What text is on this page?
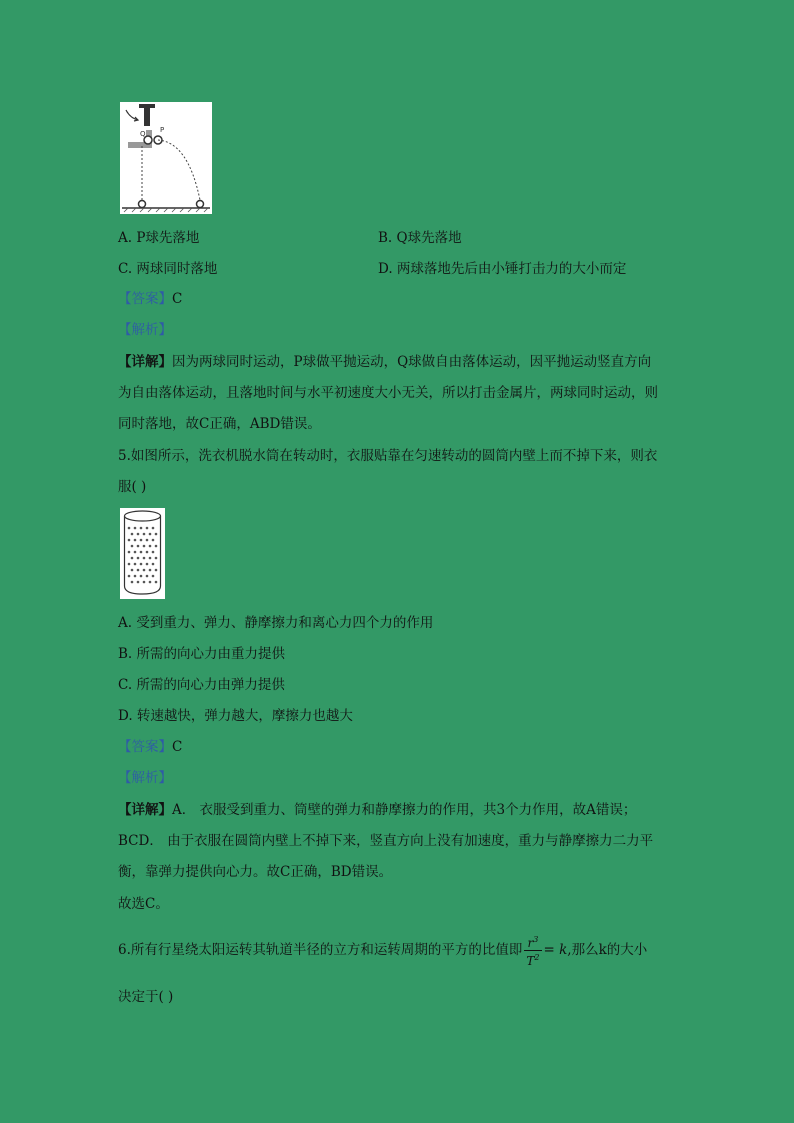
Q P
A. P球先落地	B. Q球先落地
C. 两球同时落地	D. 两球落地先后由小锤打击力的大小而定
【答案】C
【解析】
【详解】因为两球同时运动，P球做平抛运动，Q球做自由落体运动，因平抛运动竖直方向
为自由落体运动，且落地时间与水平初速度大小无关，所以打击金属片，两球同时运动，则
同时落地，故C正确，ABD错误。
5.如图所示，洗衣机脱水筒在转动时，衣服贴靠在匀速转动的圆筒内壁上而不掉下来，则衣
服( )
A. 受到重力、弹力、静摩擦力和离心力四个力的作用
B. 所需的向心力由重力提供
C. 所需的向心力由弹力提供
D. 转速越快，弹力越大，摩擦力也越大
【答案】C
【解析】
【详解】A． 衣服受到重力、筒壁的弹力和静摩擦力的作用，共3个力作用，故A错误；
BCD． 由于衣服在圆筒内壁上不掉下来，竖直方向上没有加速度，重力与静摩擦力二力平
衡，靠弹力提供向心力。故C正确，BD错误。
故选C。
6.所有行星绕太阳运转其轨道半径的立方和运转周期的平方的比值即 $\frac{r^3}{T^2} = k$,那么k的大小
决定于( )
